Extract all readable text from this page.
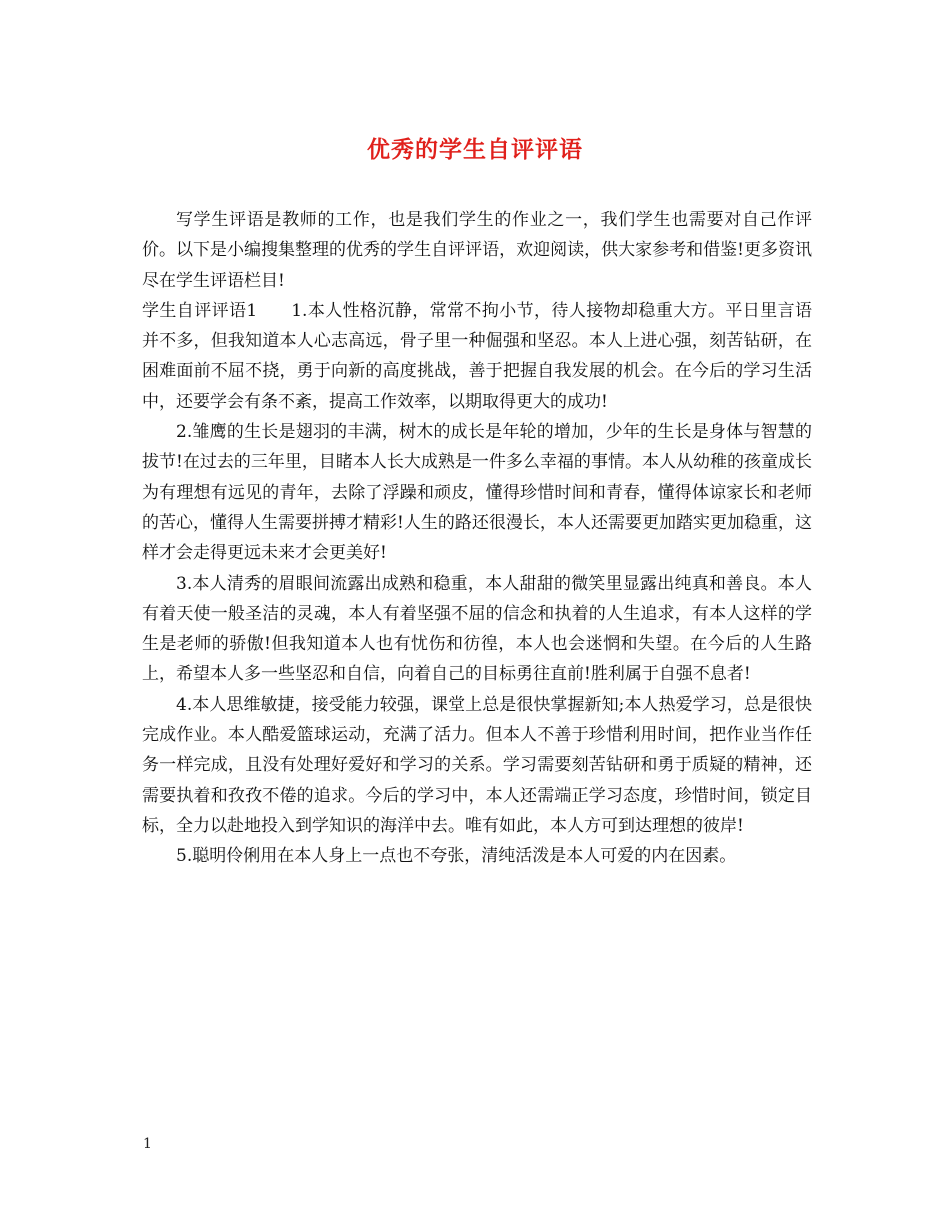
优秀的学生自评评语

写学生评语是教师的工作，也是我们学生的作业之一，我们学生也需要对自己作评价。以下是小编搜集整理的优秀的学生自评评语，欢迎阅读，供大家参考和借鉴!更多资讯尽在学生评语栏目!

学生自评评语1 1.本人性格沉静，常常不拘小节，待人接物却稳重大方。平日里言语并不多，但我知道本人心志高远，骨子里一种倔强和坚忍。本人上进心强，刻苦钻研，在困难面前不屈不挠，勇于向新的高度挑战，善于把握自我发展的机会。在今后的学习生活中，还要学会有条不紊，提高工作效率，以期取得更大的成功!

2.雏鹰的生长是翅羽的丰满，树木的成长是年轮的增加，少年的生长是身体与智慧的拔节!在过去的三年里，目睹本人长大成熟是一件多么幸福的事情。本人从幼稚的孩童成长为有理想有远见的青年，去除了浮躁和顽皮，懂得珍惜时间和青春，懂得体谅家长和老师的苦心，懂得人生需要拼搏才精彩!人生的路还很漫长，本人还需要更加踏实更加稳重，这样才会走得更远未来才会更美好!

3.本人清秀的眉眼间流露出成熟和稳重，本人甜甜的微笑里显露出纯真和善良。本人有着天使一般圣洁的灵魂，本人有着坚强不屈的信念和执着的人生追求，有本人这样的学生是老师的骄傲!但我知道本人也有忧伤和彷徨，本人也会迷惘和失望。在今后的人生路上，希望本人多一些坚忍和自信，向着自己的目标勇往直前!胜利属于自强不息者!

4.本人思维敏捷，接受能力较强，课堂上总是很快掌握新知;本人热爱学习，总是很快完成作业。本人酷爱篮球运动，充满了活力。但本人不善于珍惜利用时间，把作业当作任务一样完成，且没有处理好爱好和学习的关系。学习需要刻苦钻研和勇于质疑的精神，还需要执着和孜孜不倦的追求。今后的学习中，本人还需端正学习态度，珍惜时间，锁定目标，全力以赴地投入到学知识的海洋中去。唯有如此，本人方可到达理想的彼岸!

5.聪明伶俐用在本人身上一点也不夸张，清纯活泼是本人可爱的内在因素。

1
